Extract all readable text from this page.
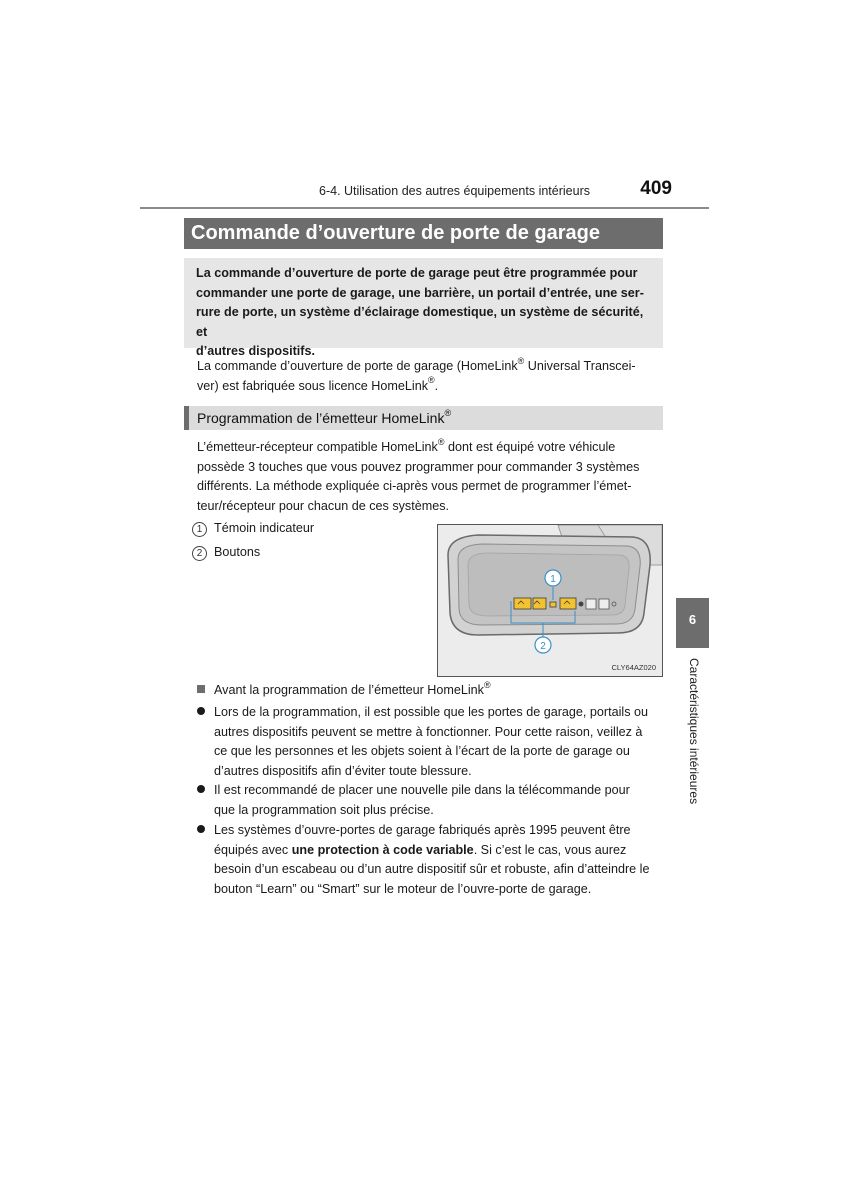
6-4. Utilisation des autres équipements intérieurs	409
Commande d’ouverture de porte de garage
La commande d’ouverture de porte de garage peut être programmée pour
commander une porte de garage, une barrière, un portail d’entrée, une ser-
rure de porte, un système d’éclairage domestique, un système de sécurité, et
d’autres dispositifs.
La commande d’ouverture de porte de garage (HomeLink® Universal Transcei-
ver) est fabriquée sous licence HomeLink®.
Programmation de l’émetteur HomeLink®
L’émetteur-récepteur compatible HomeLink® dont est équipé votre véhicule
possède 3 touches que vous pouvez programmer pour commander 3 systèmes
différents. La méthode expliquée ci-après vous permet de programmer l’émet-
teur/récepteur pour chacun de ces systèmes.
1 Témoin indicateur
2 Boutons
1
2
CLY64AZ020
6
Caractéristiques intérieures
Avant la programmation de l’émetteur HomeLink®
Lors de la programmation, il est possible que les portes de garage, portails ou
autres dispositifs peuvent se mettre à fonctionner. Pour cette raison, veillez à
ce que les personnes et les objets soient à l’écart de la porte de garage ou
d’autres dispositifs afin d’éviter toute blessure.
Il est recommandé de placer une nouvelle pile dans la télécommande pour
que la programmation soit plus précise.
Les systèmes d’ouvre-portes de garage fabriqués après 1995 peuvent être
équipés avec une protection à code variable. Si c’est le cas, vous aurez
besoin d’un escabeau ou d’un autre dispositif sûr et robuste, afin d’atteindre le
bouton “Learn” ou “Smart” sur le moteur de l’ouvre-porte de garage.
